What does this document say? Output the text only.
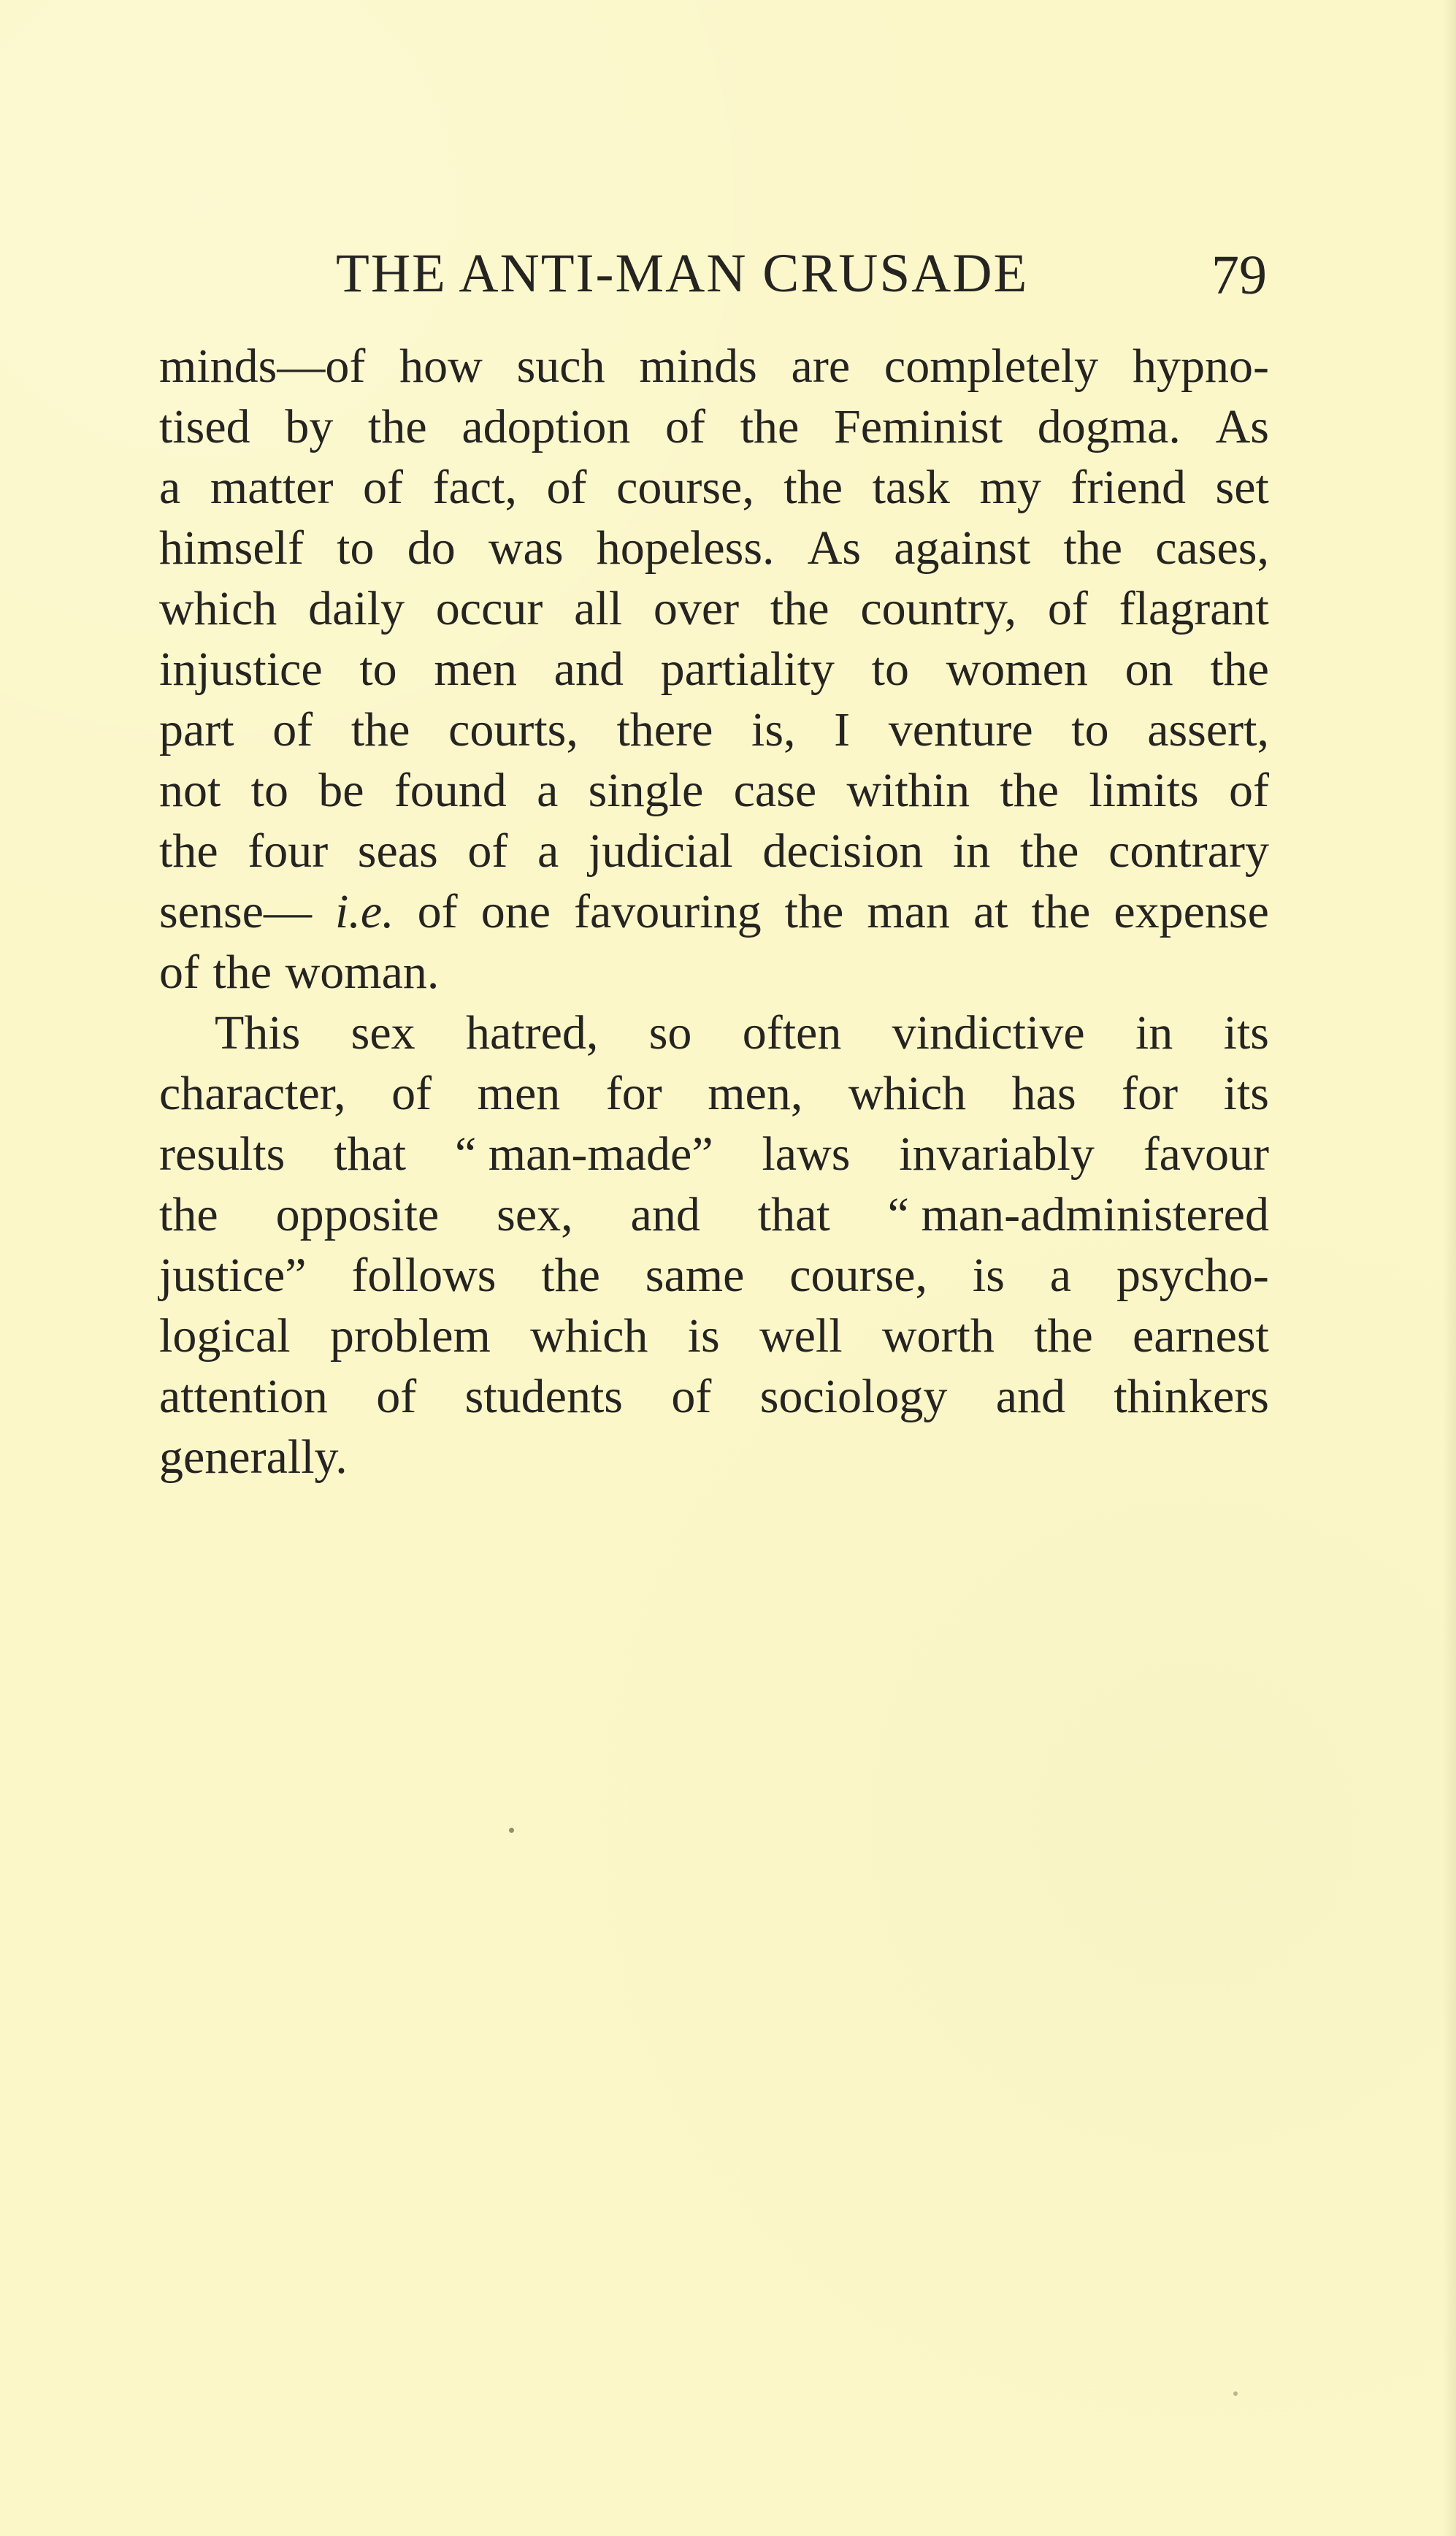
THE ANTI-MAN CRUSADE	79
minds—of how such minds are completely hypno-
tised by the adoption of the Feminist dogma. As
a matter of fact, of course, the task my friend set
himself to do was hopeless. As against the cases,
which daily occur all over the country, of flagrant
injustice to men and partiality to women on the
part of the courts, there is, I venture to assert,
not to be found a single case within the limits of
the four seas of a judicial decision in the contrary
sense— i.e. of one favouring the man at the expense
of the woman.
This sex hatred, so often vindictive in its
character, of men for men, which has for its
results that “ man-made” laws invariably favour
the opposite sex, and that “ man-administered
justice” follows the same course, is a psycho-
logical problem which is well worth the earnest
attention of students of sociology and thinkers
generally.
